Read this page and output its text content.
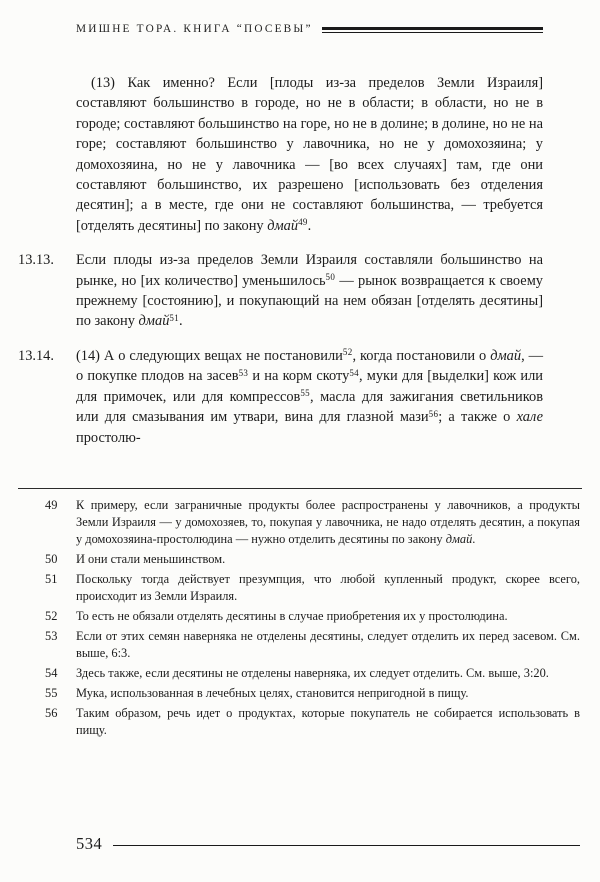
МИШНЕ ТОРА. КНИГА “ПОСЕВЫ”
(13) Как именно? Если [плоды из-за пределов Земли Израиля] составляют большинство в городе, но не в области; в области, но не в городе; составляют большинство на горе, но не в долине; в долине, но не на горе; составляют большинство у лавочника, но не у домохозяина; у домохозяина, но не у лавочника — [во всех случаях] там, где они составляют большинство, их разрешено [использовать без отделения десятин]; а в месте, где они не составляют большинства, — требуется [отделять десятины] по закону дмай$^{49}$.
13.13. Если плоды из-за пределов Земли Израиля составляли большинство на рынке, но [их количество] уменьшилось$^{50}$ — рынок возвращается к своему прежнему [состоянию], и покупающий на нем обязан [отделять десятины] по закону дмай$^{51}$.
13.14. (14) А о следующих вещах не постановили$^{52}$, когда постановили о дмай, — о покупке плодов на засев$^{53}$ и на корм скоту$^{54}$, муки для [выделки] кож или для примочек, или для компрессов$^{55}$, масла для зажигания светильников или для смазывания им утвари, вина для глазной мази$^{56}$; а также о хале простолю-
49	К примеру, если заграничные продукты более распространены у лавочников, а продукты Земли Израиля — у домохозяев, то, покупая у лавочника, не надо отделять десятин, а покупая у домохозяина-простолюдина — нужно отделить десятины по закону дмай.
50	И они стали меньшинством.
51	Поскольку тогда действует презумпция, что любой купленный продукт, скорее всего, происходит из Земли Израиля.
52	То есть не обязали отделять десятины в случае приобретения их у простолюдина.
53	Если от этих семян наверняка не отделены десятины, следует отделить их перед засевом. См. выше, 6:3.
54	Здесь также, если десятины не отделены наверняка, их следует отделить. См. выше, 3:20.
55	Мука, использованная в лечебных целях, становится непригодной в пищу.
56	Таким образом, речь идет о продуктах, которые покупатель не собирается использовать в пищу.
534
